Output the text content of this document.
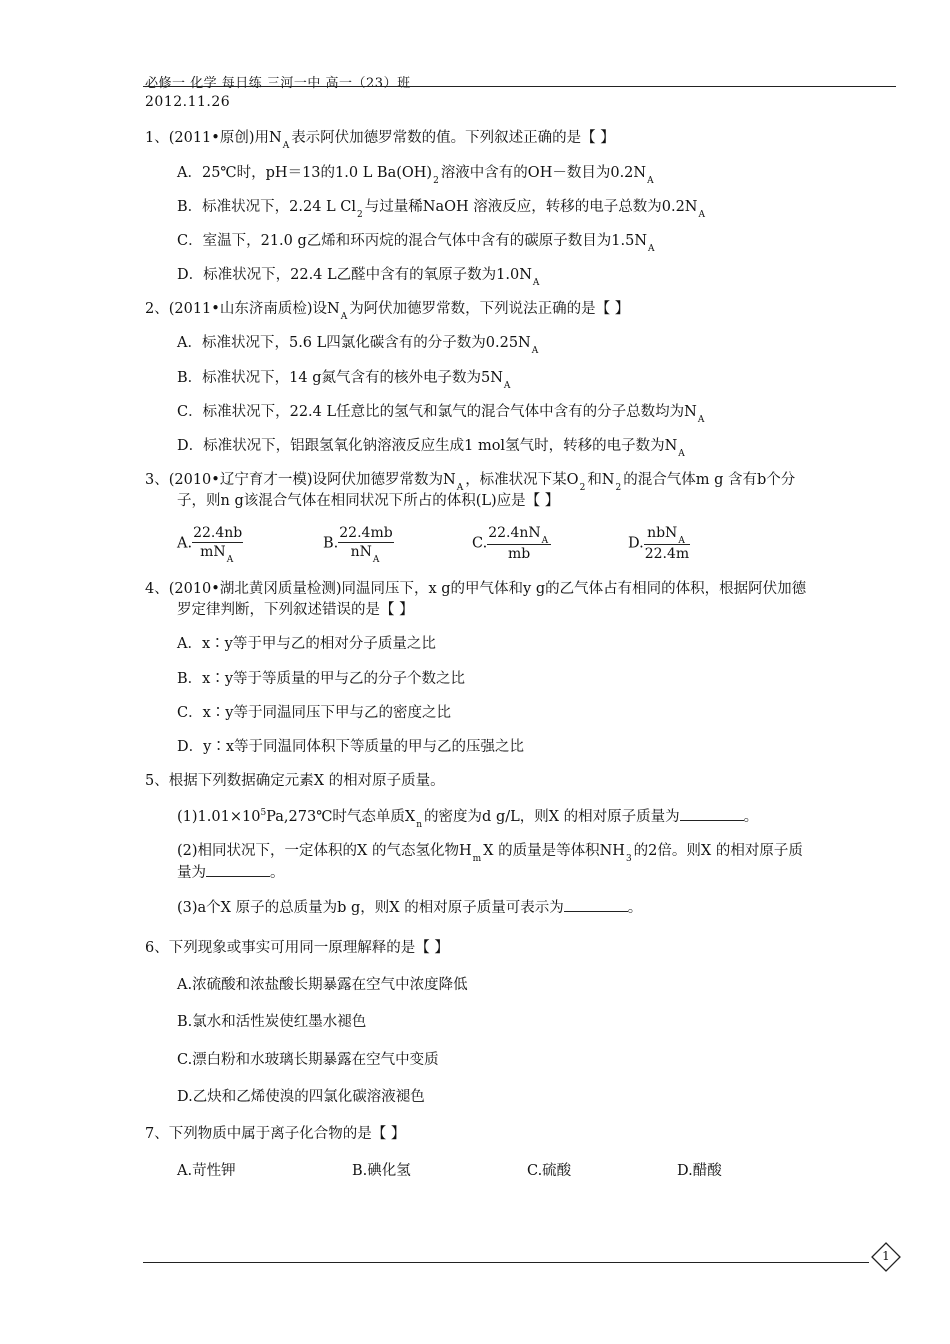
必修一 化学 每日练 三河一中 高一（23）班
2012.11.26
1、(2011•原创)用$N_A$ 表示阿伏加德罗常数的值。下列叙述正确的是【 】
A．25℃时，pH＝13的1.0 L $Ba(OH)_2$ 溶液中含有的OH－数目为$0.2N_A$
B．标准状况下，2.24 L $Cl_2$ 与过量稀NaOH 溶液反应，转移的电子总数为$0.2N_A$
C．室温下，21.0 g乙烯和环丙烷的混合气体中含有的碳原子数目为$1.5N_A$
D．标准状况下，22.4 L乙醛中含有的氧原子数为$1.0N_A$
2、(2011•山东济南质检)设$N_A$ 为阿伏加德罗常数，下列说法正确的是【 】
A．标准状况下，5.6 L四氯化碳含有的分子数为$0.25N_A$
B．标准状况下，14 g氮气含有的核外电子数为$5N_A$
C．标准状况下，22.4 L任意比的氢气和氯气的混合气体中含有的分子总数均为$N_A$
D．标准状况下，铝跟氢氧化钠溶液反应生成1 mol氢气时，转移的电子数为$N_A$
3、(2010•辽宁育才一模)设阿伏加德罗常数为$N_A$ ，标准状况下某$O_2$ 和$N_2$ 的混合气体m g 含有b个分
子，则n g该混合气体在相同状况下所占的体积(L)应是【 】
A. $\frac{22.4nb}{mN_A}$	B. $\frac{22.4mb}{nN_A}$	C. $\frac{22.4nN_A}{mb}$	D. $\frac{nbN_A}{22.4m}$
4、(2010•湖北黄冈质量检测)同温同压下，x g的甲气体和y g的乙气体占有相同的体积，根据阿伏加德
罗定律判断，下列叙述错误的是【 】
A．x∶y等于甲与乙的相对分子质量之比
B．x∶y等于等质量的甲与乙的分子个数之比
C．x∶y等于同温同压下甲与乙的密度之比
D．y∶x等于同温同体积下等质量的甲与乙的压强之比
5、根据下列数据确定元素X 的相对原子质量。
$(1)1.01\times 10^5Pa,273℃$时气态单质$X_n$ 的密度为d g/L，则X 的相对原子质量为	。
(2)相同状况下，一定体积的X 的气态氢化物$H_m$ X 的质量是等体积$NH_3$ 的2倍。则X 的相对原子质
量为	。
(3)a个X 原子的总质量为b g，则X 的相对原子质量可表示为	。
6、下列现象或事实可用同一原理解释的是【 】
A.浓硫酸和浓盐酸长期暴露在空气中浓度降低
B.氯水和活性炭使红墨水褪色
C.漂白粉和水玻璃长期暴露在空气中变质
D.乙炔和乙烯使溴的四氯化碳溶液褪色
7、下列物质中属于离子化合物的是【 】
A.苛性钾	B.碘化氢	C.硫酸	D.醋酸
1
